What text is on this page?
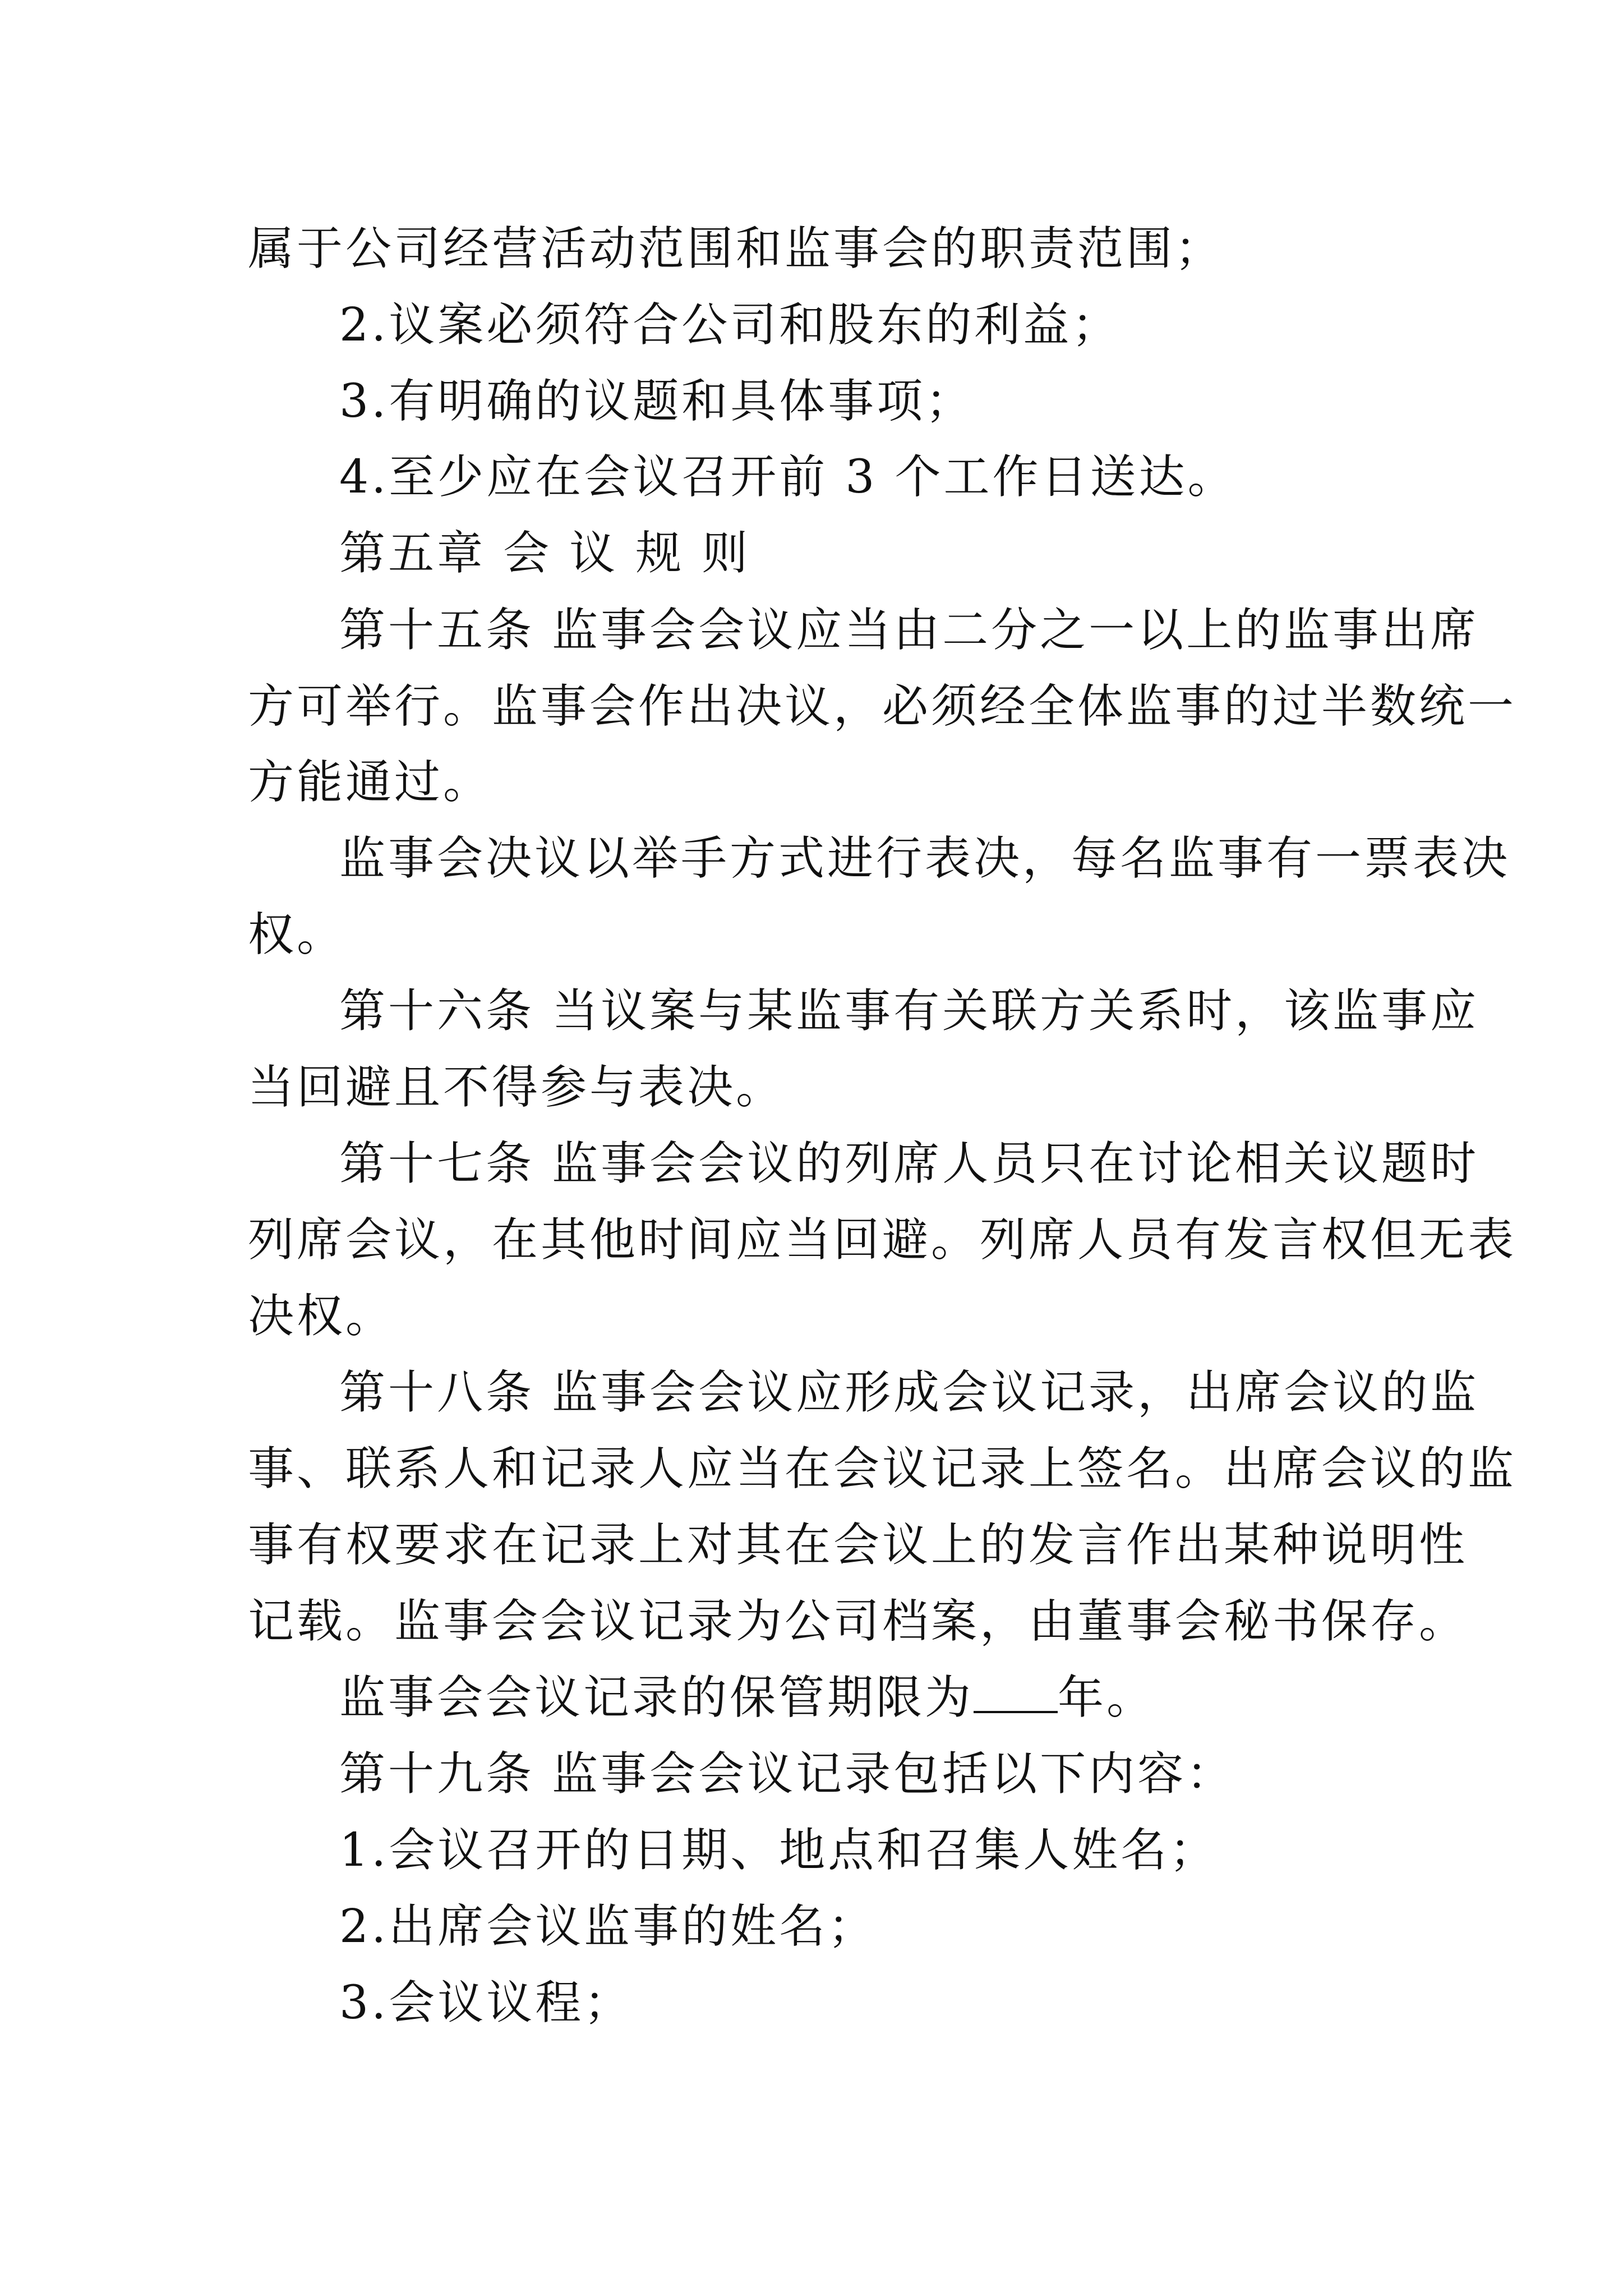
属于公司经营活动范围和监事会的职责范围；
2.议案必须符合公司和股东的利益；
3.有明确的议题和具体事项；
4.至少应在会议召开前 3 个工作日送达。
第五章 会 议 规 则
第十五条 监事会会议应当由二分之一以上的监事出席
方可举行。监事会作出决议，必须经全体监事的过半数统一
方能通过。
监事会决议以举手方式进行表决，每名监事有一票表决
权。
第十六条 当议案与某监事有关联方关系时，该监事应
当回避且不得参与表决。
第十七条 监事会会议的列席人员只在讨论相关议题时
列席会议，在其他时间应当回避。列席人员有发言权但无表
决权。
第十八条 监事会会议应形成会议记录，出席会议的监
事、联系人和记录人应当在会议记录上签名。出席会议的监
事有权要求在记录上对其在会议上的发言作出某种说明性
记载。监事会会议记录为公司档案，由董事会秘书保存。
监事会会议记录的保管期限为 年。
第十九条 监事会会议记录包括以下内容：
1.会议召开的日期、地点和召集人姓名；
2.出席会议监事的姓名；
3.会议议程；
